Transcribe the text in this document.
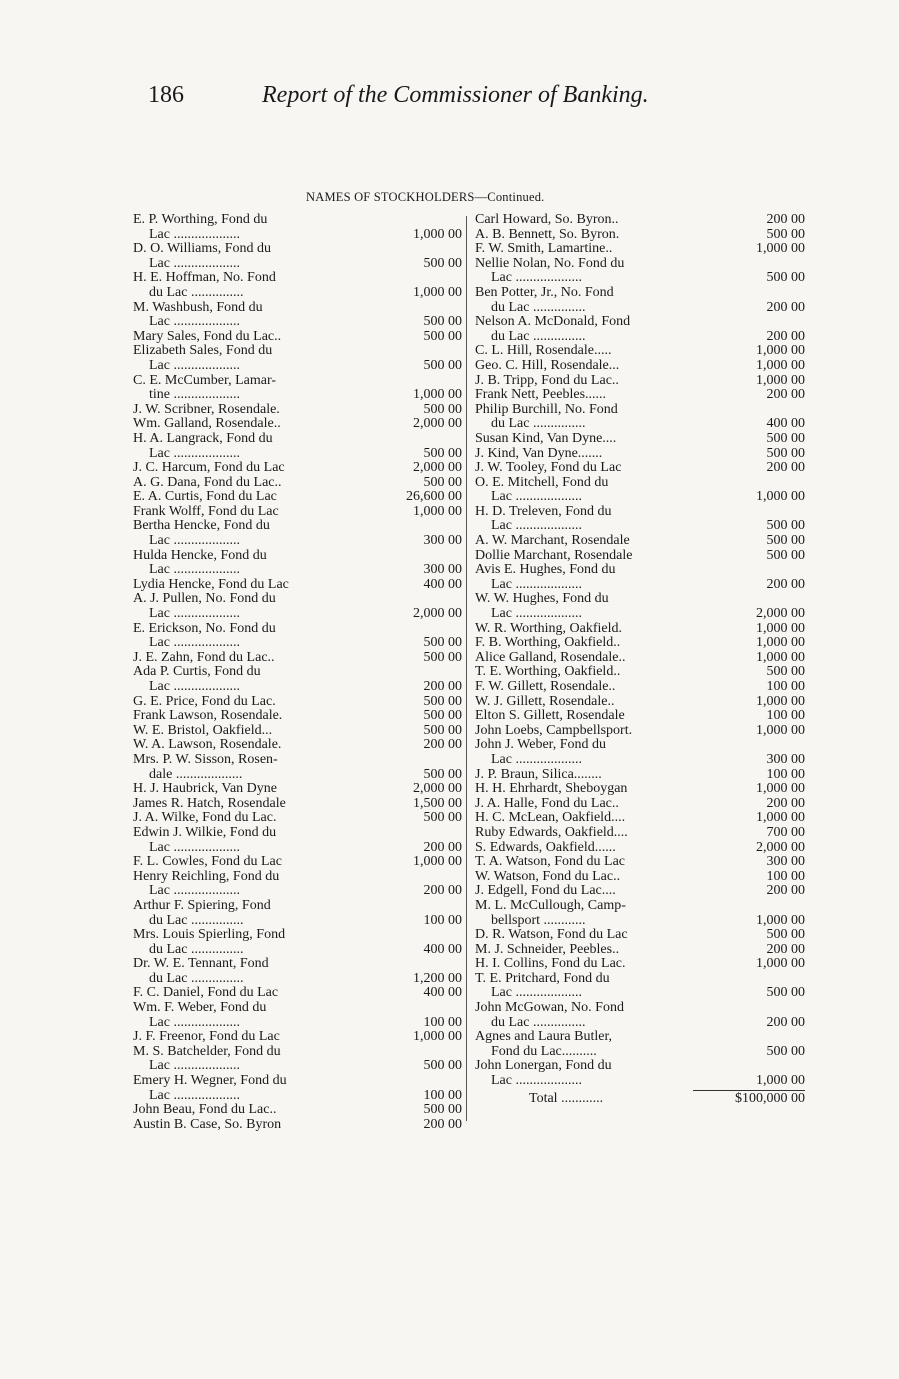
186	Report of the Commissioner of Banking.
NAMES OF STOCKHOLDERS—Continued.
E. P. Worthing, Fond du
Lac ...................	1,000 00
D. O. Williams, Fond du
Lac ...................	500 00
H. E. Hoffman, No. Fond
du Lac ...............	1,000 00
M. Washbush, Fond du
Lac ...................	500 00
Mary Sales, Fond du Lac..	500 00
Elizabeth Sales, Fond du
Lac ...................	500 00
C. E. McCumber, Lamar-
tine ...................	1,000 00
J. W. Scribner, Rosendale.	500 00
Wm. Galland, Rosendale..	2,000 00
H. A. Langrack, Fond du
Lac ...................	500 00
J. C. Harcum, Fond du Lac	2,000 00
A. G. Dana, Fond du Lac..	500 00
E. A. Curtis, Fond du Lac	26,600 00
Frank Wolff, Fond du Lac	1,000 00
Bertha Hencke, Fond du
Lac ...................	300 00
Hulda Hencke, Fond du
Lac ...................	300 00
Lydia Hencke, Fond du Lac	400 00
A. J. Pullen, No. Fond du
Lac ...................	2,000 00
E. Erickson, No. Fond du
Lac ...................	500 00
J. E. Zahn, Fond du Lac..	500 00
Ada P. Curtis, Fond du
Lac ...................	200 00
G. E. Price, Fond du Lac.	500 00
Frank Lawson, Rosendale.	500 00
W. E. Bristol, Oakfield...	500 00
W. A. Lawson, Rosendale.	200 00
Mrs. P. W. Sisson, Rosen-
dale ...................	500 00
H. J. Haubrick, Van Dyne	2,000 00
James R. Hatch, Rosendale	1,500 00
J. A. Wilke, Fond du Lac.	500 00
Edwin J. Wilkie, Fond du
Lac ...................	200 00
F. L. Cowles, Fond du Lac	1,000 00
Henry Reichling, Fond du
Lac ...................	200 00
Arthur F. Spiering, Fond
du Lac ...............	100 00
Mrs. Louis Spierling, Fond
du Lac ...............	400 00
Dr. W. E. Tennant, Fond
du Lac ...............	1,200 00
F. C. Daniel, Fond du Lac	400 00
Wm. F. Weber, Fond du
Lac ...................	100 00
J. F. Freenor, Fond du Lac	1,000 00
M. S. Batchelder, Fond du
Lac ...................	500 00
Emery H. Wegner, Fond du
Lac ...................	100 00
John Beau, Fond du Lac..	500 00
Austin B. Case, So. Byron	200 00
Carl Howard, So. Byron..	200 00
A. B. Bennett, So. Byron.	500 00
F. W. Smith, Lamartine..	1,000 00
Nellie Nolan, No. Fond du
Lac ...................	500 00
Ben Potter, Jr., No. Fond
du Lac ...............	200 00
Nelson A. McDonald, Fond
du Lac ...............	200 00
C. L. Hill, Rosendale.....	1,000 00
Geo. C. Hill, Rosendale...	1,000 00
J. B. Tripp, Fond du Lac..	1,000 00
Frank Nett, Peebles......	200 00
Philip Burchill, No. Fond
du Lac ...............	400 00
Susan Kind, Van Dyne....	500 00
J. Kind, Van Dyne.......	500 00
J. W. Tooley, Fond du Lac	200 00
O. E. Mitchell, Fond du
Lac ...................	1,000 00
H. D. Treleven, Fond du
Lac ...................	500 00
A. W. Marchant, Rosendale	500 00
Dollie Marchant, Rosendale	500 00
Avis E. Hughes, Fond du
Lac ...................	200 00
W. W. Hughes, Fond du
Lac ...................	2,000 00
W. R. Worthing, Oakfield.	1,000 00
F. B. Worthing, Oakfield..	1,000 00
Alice Galland, Rosendale..	1,000 00
T. E. Worthing, Oakfield..	500 00
F. W. Gillett, Rosendale..	100 00
W. J. Gillett, Rosendale..	1,000 00
Elton S. Gillett, Rosendale	100 00
John Loebs, Campbellsport.	1,000 00
John J. Weber, Fond du
Lac ...................	300 00
J. P. Braun, Silica........	100 00
H. H. Ehrhardt, Sheboygan	1,000 00
J. A. Halle, Fond du Lac..	200 00
H. C. McLean, Oakfield....	1,000 00
Ruby Edwards, Oakfield....	700 00
S. Edwards, Oakfield......	2,000 00
T. A. Watson, Fond du Lac	300 00
W. Watson, Fond du Lac..	100 00
J. Edgell, Fond du Lac....	200 00
M. L. McCullough, Camp-
bellsport ............	1,000 00
D. R. Watson, Fond du Lac	500 00
M. J. Schneider, Peebles..	200 00
H. I. Collins, Fond du Lac.	1,000 00
T. E. Pritchard, Fond du
Lac ...................	500 00
John McGowan, No. Fond
du Lac ...............	200 00
Agnes and Laura Butler,
Fond du Lac..........	500 00
John Lonergan, Fond du
Lac ...................	1,000 00
Total ............	$100,000 00
